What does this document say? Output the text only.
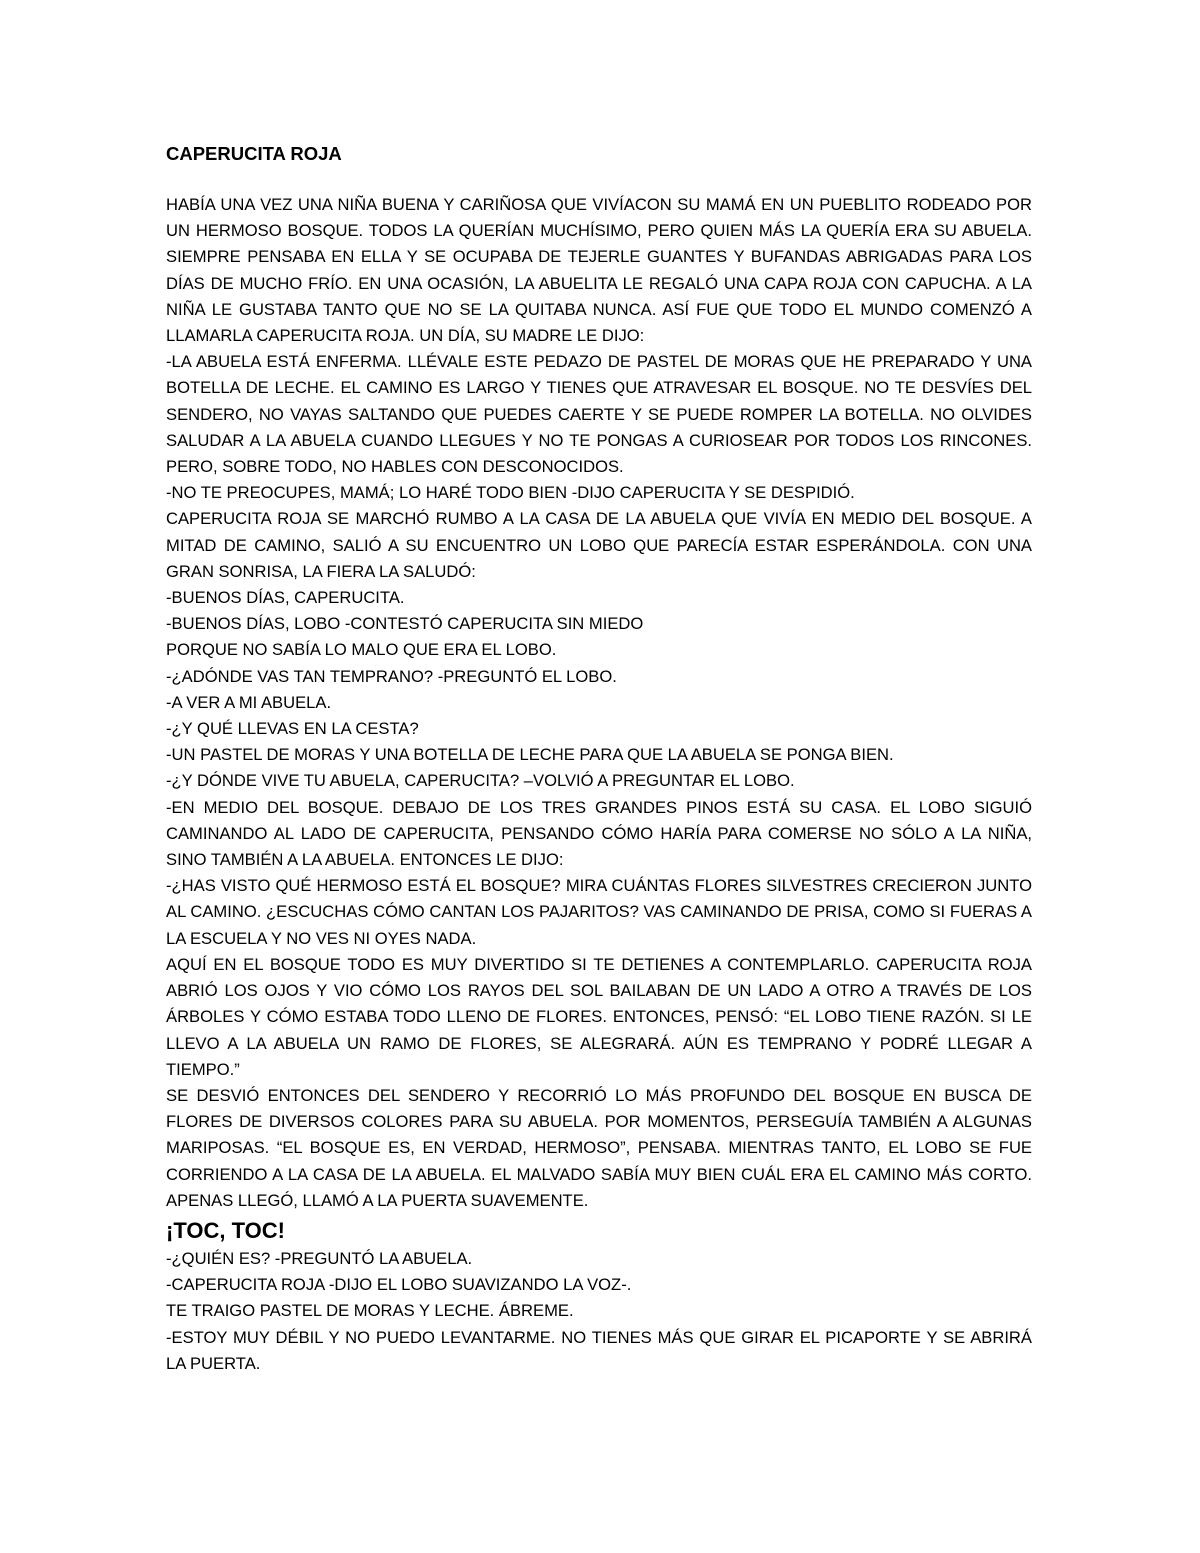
CAPERUCITA ROJA

HABÍA UNA VEZ UNA NIÑA BUENA Y CARIÑOSA QUE VIVÍACON SU MAMÁ EN UN PUEBLITO RODEADO POR UN HERMOSO BOSQUE. TODOS LA QUERÍAN MUCHÍSIMO, PERO QUIEN MÁS LA QUERÍA ERA SU ABUELA. SIEMPRE PENSABA EN ELLA Y SE OCUPABA DE TEJERLE GUANTES Y BUFANDAS ABRIGADAS PARA LOS DÍAS DE MUCHO FRÍO. EN UNA OCASIÓN, LA ABUELITA LE REGALÓ UNA CAPA ROJA CON CAPUCHA. A LA NIÑA LE GUSTABA TANTO QUE NO SE LA QUITABA NUNCA. ASÍ FUE QUE TODO EL MUNDO COMENZÓ A LLAMARLA CAPERUCITA ROJA. UN DÍA, SU MADRE LE DIJO:

-LA ABUELA ESTÁ ENFERMA. LLÉVALE ESTE PEDAZO DE PASTEL DE MORAS QUE HE PREPARADO Y UNA BOTELLA DE LECHE. EL CAMINO ES LARGO Y TIENES QUE ATRAVESAR EL BOSQUE. NO TE DESVÍES DEL SENDERO, NO VAYAS SALTANDO QUE PUEDES CAERTE Y SE PUEDE ROMPER LA BOTELLA. NO OLVIDES SALUDAR A LA ABUELA CUANDO LLEGUES Y NO TE PONGAS A CURIOSEAR POR TODOS LOS RINCONES. PERO, SOBRE TODO, NO HABLES CON DESCONOCIDOS.

-NO TE PREOCUPES, MAMÁ; LO HARÉ TODO BIEN -DIJO CAPERUCITA Y SE DESPIDIÓ.

CAPERUCITA ROJA SE MARCHÓ RUMBO A LA CASA DE LA ABUELA QUE VIVÍA EN MEDIO DEL BOSQUE. A MITAD DE CAMINO, SALIÓ A SU ENCUENTRO UN LOBO QUE PARECÍA ESTAR ESPERÁNDOLA. CON UNA GRAN SONRISA, LA FIERA LA SALUDÓ:

-BUENOS DÍAS, CAPERUCITA.

-BUENOS DÍAS, LOBO -CONTESTÓ CAPERUCITA SIN MIEDO

PORQUE NO SABÍA LO MALO QUE ERA EL LOBO.

-¿ADÓNDE VAS TAN TEMPRANO? -PREGUNTÓ EL LOBO.

-A VER A MI ABUELA.

-¿Y QUÉ LLEVAS EN LA CESTA?

-UN PASTEL DE MORAS Y UNA BOTELLA DE LECHE PARA QUE LA ABUELA SE PONGA BIEN.

-¿Y DÓNDE VIVE TU ABUELA, CAPERUCITA? –VOLVIÓ A PREGUNTAR EL LOBO.

-EN MEDIO DEL BOSQUE. DEBAJO DE LOS TRES GRANDES PINOS ESTÁ SU CASA. EL LOBO SIGUIÓ CAMINANDO AL LADO DE CAPERUCITA, PENSANDO CÓMO HARÍA PARA COMERSE NO SÓLO A LA NIÑA, SINO TAMBIÉN A LA ABUELA. ENTONCES LE DIJO:

-¿HAS VISTO QUÉ HERMOSO ESTÁ EL BOSQUE? MIRA CUÁNTAS FLORES SILVESTRES CRECIERON JUNTO AL CAMINO. ¿ESCUCHAS CÓMO CANTAN LOS PAJARITOS? VAS CAMINANDO DE PRISA, COMO SI FUERAS A LA ESCUELA Y NO VES NI OYES NADA.

AQUÍ EN EL BOSQUE TODO ES MUY DIVERTIDO SI TE DETIENES A CONTEMPLARLO. CAPERUCITA ROJA ABRIÓ LOS OJOS Y VIO CÓMO LOS RAYOS DEL SOL BAILABAN DE UN LADO A OTRO A TRAVÉS DE LOS ÁRBOLES Y CÓMO ESTABA TODO LLENO DE FLORES. ENTONCES, PENSÓ: “EL LOBO TIENE RAZÓN. SI LE LLEVO A LA ABUELA UN RAMO DE FLORES, SE ALEGRARÁ. AÚN ES TEMPRANO Y PODRÉ LLEGAR A TIEMPO.”

SE DESVIÓ ENTONCES DEL SENDERO Y RECORRIÓ LO MÁS PROFUNDO DEL BOSQUE EN BUSCA DE FLORES DE DIVERSOS COLORES PARA SU ABUELA. POR MOMENTOS, PERSEGUÍA TAMBIÉN A ALGUNAS MARIPOSAS. “EL BOSQUE ES, EN VERDAD, HERMOSO”, PENSABA. MIENTRAS TANTO, EL LOBO SE FUE CORRIENDO A LA CASA DE LA ABUELA. EL MALVADO SABÍA MUY BIEN CUÁL ERA EL CAMINO MÁS CORTO. APENAS LLEGÓ, LLAMÓ A LA PUERTA SUAVEMENTE.

¡TOC, TOC!

-¿QUIÉN ES? -PREGUNTÓ LA ABUELA.

-CAPERUCITA ROJA -DIJO EL LOBO SUAVIZANDO LA VOZ-.

TE TRAIGO PASTEL DE MORAS Y LECHE. ÁBREME.

-ESTOY MUY DÉBIL Y NO PUEDO LEVANTARME. NO TIENES MÁS QUE GIRAR EL PICAPORTE Y SE ABRIRÁ LA PUERTA.
